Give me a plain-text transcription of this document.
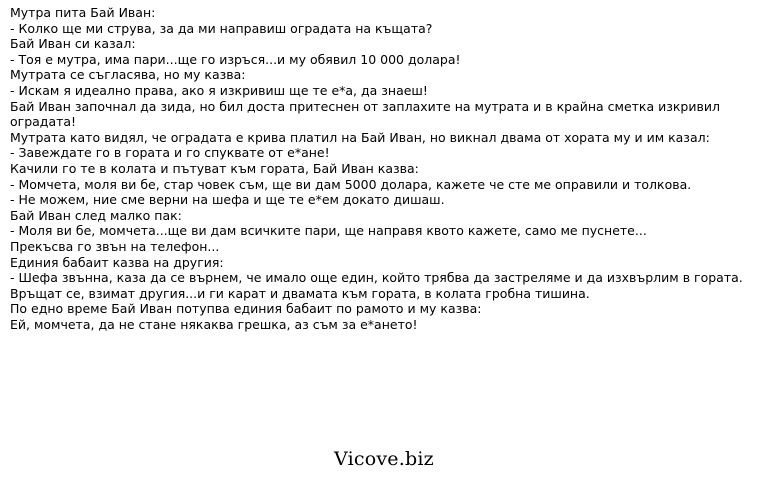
Мутра пита Бай Иван:
- Колко ще ми струва, за да ми направиш оградата на къщата?
Бай Иван си казал:
- Тоя е мутра, има пари...ще го изръся...и му обявил 10 000 долара!
Мутрата се съгласява, но му казва:
- Искам я идеално права, ако я изкривиш ще те е*а, да знаеш!
Бай Иван започнал да зида, но бил доста притеснен от заплахите на мутрата и в крайна сметка изкривил оградата!
Мутрата като видял, че оградата е крива платил на Бай Иван, но викнал двама от хората му и им казал:
- Завеждате го в гората и го спуквате от е*ане!
Качили го те в колата и пътуват към гората, Бай Иван казва:
- Момчета, моля ви бе, стар човек съм, ще ви дам 5000 долара, кажете че сте ме оправили и толкова.
- Не можем, ние сме верни на шефа и ще те е*ем докато дишаш.
Бай Иван след малко пак:
- Моля ви бе, момчета...ще ви дам всичките пари, ще направя квото кажете, само ме пуснете...
Прекъсва го звън на телефон...
Единия бабаит казва на другия:
- Шефа звънна, каза да се върнем, че имало още един, който трябва да застреляме и да изхвърлим в гората.
Връщат се, взимат другия...и ги карат и двамата към гората, в колата гробна тишина.
По едно време Бай Иван потупва единия бабаит по рамото и му казва:
Ей, момчета, да не стане някаква грешка, аз съм за е*ането!
Vicove.biz
